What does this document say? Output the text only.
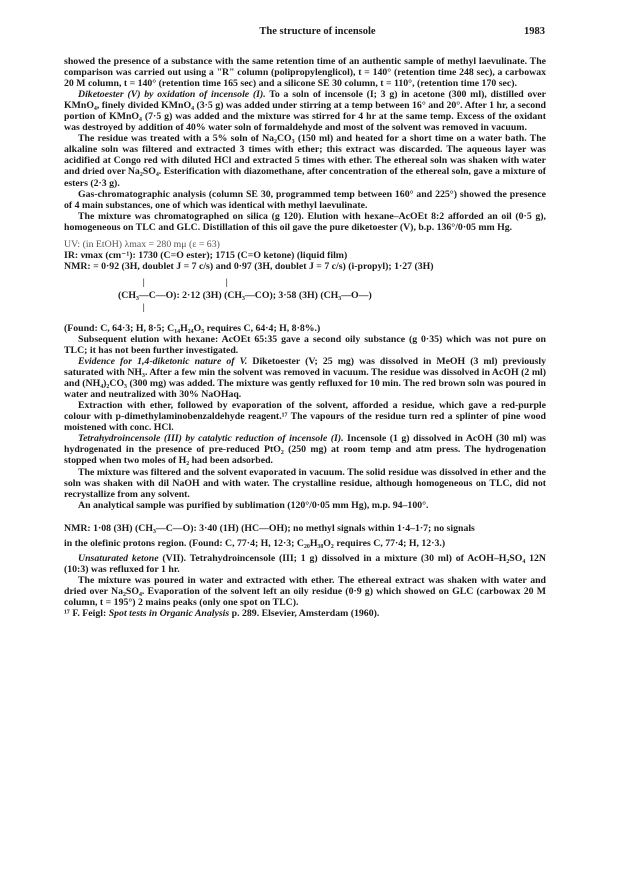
The structure of incensole	1983

showed the presence of a substance with the same retention time of an authentic sample of methyl laevulinate. The comparison was carried out using a "R" column (polipropylenglicol), t = 140° (retention time 248 sec), a carbowax 20 M column, t = 140° (retention time 165 sec) and a silicone SE 30 column, t = 110°, (retention time 170 sec).

Diketoester (V) by oxidation of incensole (I). To a soln of incensole (I; 3 g) in acetone (300 ml), distilled over KMnO₄, finely divided KMnO₄ (3·5 g) was added under stirring at a temp between 16° and 20°. After 1 hr, a second portion of KMnO₄ (7·5 g) was added and the mixture was stirred for 4 hr at the same temp. Excess of the oxidant was destroyed by addition of 40% water soln of formaldehyde and most of the solvent was removed in vacuum.

The residue was treated with a 5% soln of Na₂CO₃ (150 ml) and heated for a short time on a water bath. The alkaline soln was filtered and extracted 3 times with ether; this extract was discarded. The aqueous layer was acidified at Congo red with diluted HCl and extracted 5 times with ether. The ethereal soln was shaken with water and dried over Na₂SO₄. Esterification with diazomethane, after concentration of the ethereal soln, gave a mixture of esters (2·3 g).

Gas-chromatographic analysis (column SE 30, programmed temp between 160° and 225°) showed the presence of 4 main substances, one of which was identical with methyl laevulinate.

The mixture was chromatographed on silica (g 120). Elution with hexane–AcOEt 8:2 afforded an oil (0·5 g), homogeneous on TLC and GLC. Distillation of this oil gave the pure diketoester (V), b.p. 136°/0·05 mm Hg.

UV: (in EtOH) λmax = 280 mμ (ε = 63)

IR: νmax (cm⁻¹): 1730 (C=O ester); 1715 (C=O ketone) (liquid film)

NMR: = 0·92 (3H, doublet J = 7 c/s) and 0·97 (3H, doublet J = 7 c/s) (i-propyl); 1·27 (3H)

|                                    |
(CH₃—C—O): 2·12 (3H) (CH₃—CO); 3·58 (3H) (CH₃—O—)
|

(Found: C, 64·3; H, 8·5; C₁₄H₂₄O₅ requires C, 64·4; H, 8·8%.)

Subsequent elution with hexane: AcOEt 65:35 gave a second oily substance (g 0·35) which was not pure on TLC; it has not been further investigated.

Evidence for 1,4-diketonic nature of V. Diketoester (V; 25 mg) was dissolved in MeOH (3 ml) previously saturated with NH₃. After a few min the solvent was removed in vacuum. The residue was dissolved in AcOH (2 ml) and (NH₄)₂CO₃ (300 mg) was added. The mixture was gently refluxed for 10 min. The red brown soln was poured in water and neutralized with 30% NaOHaq.

Extraction with ether, followed by evaporation of the solvent, afforded a residue, which gave a red-purple colour with p-dimethylaminobenzaldehyde reagent.¹⁷ The vapours of the residue turn red a splinter of pine wood moistened with conc. HCl.

Tetrahydroincensole (III) by catalytic reduction of incensole (I). Incensole (1 g) dissolved in AcOH (30 ml) was hydrogenated in the presence of pre-reduced PtO₂ (250 mg) at room temp and atm press. The hydrogenation stopped when two moles of H₂ had been adsorbed.

The mixture was filtered and the solvent evaporated in vacuum. The solid residue was dissolved in ether and the soln was shaken with dil NaOH and with water. The crystalline residue, although homogeneous on TLC, did not recrystallize from any solvent.

An analytical sample was purified by sublimation (120°/0·05 mm Hg), m.p. 94–100°.

NMR: 1·08 (3H) (CH₃—C—O): 3·40 (1H) (HC—OH); no methyl signals within 1·4–1·7; no signals

in the olefinic protons region. (Found: C, 77·4; H, 12·3; C₂₀H₃₈O₂ requires C, 77·4; H, 12·3.)

Unsaturated ketone (VII). Tetrahydroincensole (III; 1 g) dissolved in a mixture (30 ml) of AcOH–H₂SO₄ 12N (10:3) was refluxed for 1 hr.

The mixture was poured in water and extracted with ether. The ethereal extract was shaken with water and dried over Na₂SO₄. Evaporation of the solvent left an oily residue (0·9 g) which showed on GLC (carbowax 20 M column, t = 195°) 2 mains peaks (only one spot on TLC).

¹⁷ F. Feigl: Spot tests in Organic Analysis p. 289. Elsevier, Amsterdam (1960).
